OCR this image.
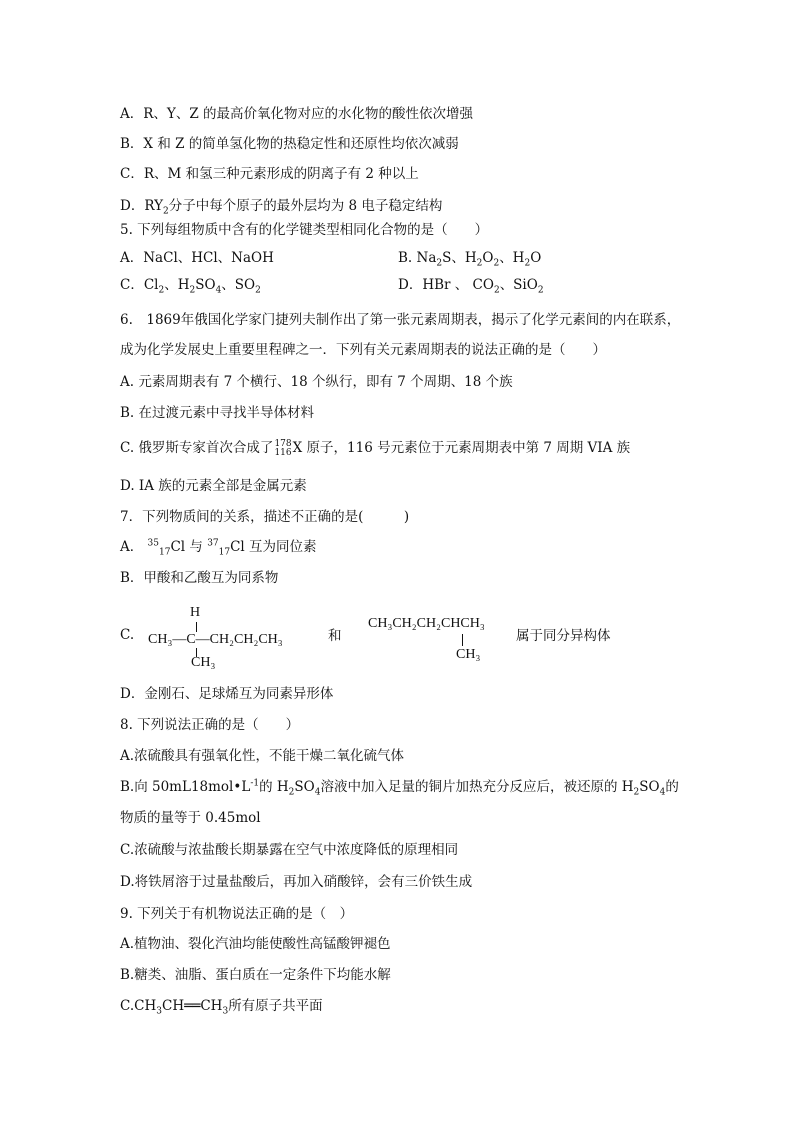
A．R、Y、Z 的最高价氧化物对应的水化物的酸性依次增强
B．X 和 Z 的简单氢化物的热稳定性和还原性均依次减弱
C．R、M 和氢三种元素形成的阴离子有 2 种以上
D．$RY_2$分子中每个原子的最外层均为 8 电子稳定结构
5. 下列每组物质中含有的化学键类型相同化合物的是（　　）
A．NaCl、HCl、NaOH	B. $Na_2S$、$H_2O_2$、$H_2O$
C．$Cl_2$、$H_2SO_4$、$SO_2$	D．HBr 、 $CO_2$、SiO$_2$
6.　1869年俄国化学家门捷列夫制作出了第一张元素周期表，揭示了化学元素间的内在联系，
成为化学发展史上重要里程碑之一．下列有关元素周期表的说法正确的是（　　）
A. 元素周期表有 7 个横行、18 个纵行，即有 7 个周期、18 个族
B. 在过渡元素中寻找半导体材料
C. 俄罗斯专家首次合成了 178
116 X 原子，116 号元素位于元素周期表中第 7 周期 VIA 族
D. IA 族的元素全部是金属元素
7．下列物质间的关系，描述不正确的是(　　　)
A． $^{35}_{17}$Cl 与 $^{37}_{17}$Cl 互为同位素
B．甲酸和乙酸互为同系物
C.
H
CH₃—C—CH₂CH₂CH₃
CH₃
和
CH₃CH₂CH₂CHCH₃
CH₃
属于同分异构体
D．金刚石、足球烯互为同素异形体
8. 下列说法正确的是（　　）
A.浓硫酸具有强氧化性，不能干燥二氧化硫气体
B.向 $50mL18mol•L^{-1}$的 $H_2SO_4$溶液中加入足量的铜片加热充分反应后，被还原的 $H_2SO_4$的
物质的量等于 0.45mol
C.浓硫酸与浓盐酸长期暴露在空气中浓度降低的原理相同
D.将铁屑溶于过量盐酸后，再加入硝酸锌，会有三价铁生成
9. 下列关于有机物说法正确的是（　）
A.植物油、裂化汽油均能使酸性高锰酸钾褪色
B.糖类、油脂、蛋白质在一定条件下均能水解
$C.CH_3CH══CH_3$所有原子共平面
